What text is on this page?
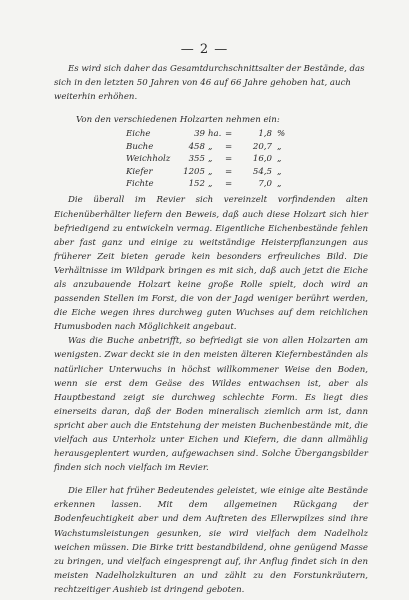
— 2 —

Es wird sich daher das Gesamtdurchschnittsalter der Bestände, das sich in den letzten 50 Jahren von 46 auf 66 Jahre gehoben hat, auch weiterhin erhöhen.

Von den verschiedenen Holzarten nehmen ein:

Eiche	39	ha.	=	1,8	%
Buche	458	„	=	20,7	„
Weichholz	355	„	=	16,0	„
Kiefer	1205	„	=	54,5	„
Fichte	152	„	=	7,0	„

Die überall im Revier sich vereinzelt vorfindenden alten Eichenüberhälter liefern den Beweis, daß auch diese Holzart sich hier befriedigend zu entwickeln vermag. Eigentliche Eichenbestände fehlen aber fast ganz und einige zu weitständige Heisterpflanzungen aus früherer Zeit bieten gerade kein besonders erfreuliches Bild. Die Verhältnisse im Wildpark bringen es mit sich, daß auch jetzt die Eiche als anzubauende Holzart keine große Rolle spielt, doch wird an passenden Stellen im Forst, die von der Jagd weniger berührt werden, die Eiche wegen ihres durchweg guten Wuchses auf dem reichlichen Humusboden nach Möglichkeit angebaut.

Was die Buche anbetrifft, so befriedigt sie von allen Holzarten am wenigsten. Zwar deckt sie in den meisten älteren Kiefernbeständen als natürlicher Unterwuchs in höchst willkommener Weise den Boden, wenn sie erst dem Geäse des Wildes entwachsen ist, aber als Hauptbestand zeigt sie durchweg schlechte Form. Es liegt dies einerseits daran, daß der Boden mineralisch ziemlich arm ist, dann spricht aber auch die Entstehung der meisten Buchenbestände mit, die vielfach aus Unterholz unter Eichen und Kiefern, die dann allmählig herausgeplentert wurden, aufgewachsen sind. Solche Übergangsbilder finden sich noch vielfach im Revier.

Die Eller hat früher Bedeutendes geleistet, wie einige alte Bestände erkennen lassen. Mit dem allgemeinen Rückgang der Bodenfeuchtigkeit aber und dem Auftreten des Ellerwpilzes sind ihre Wachstumsleistungen gesunken, sie wird vielfach dem Nadelholz weichen müssen. Die Birke tritt bestandbildend, ohne genügend Masse zu bringen, und vielfach eingesprengt auf, ihr Anflug findet sich in den meisten Nadelholzkulturen an und zählt zu den Forstunkräutern, rechtzeitiger Aushieb ist dringend geboten.
